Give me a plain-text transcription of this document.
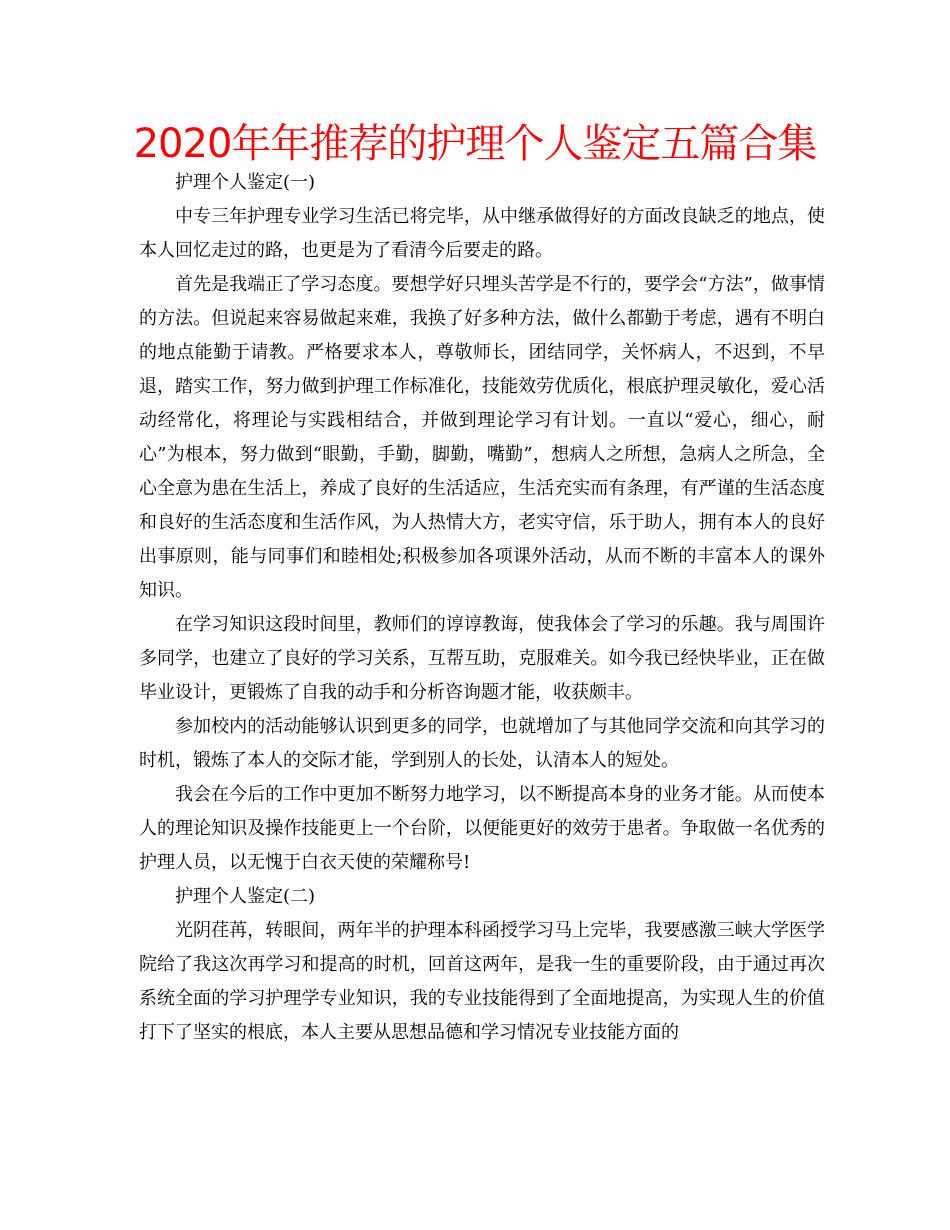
2020年年推荐的护理个人鉴定五篇合集

护理个人鉴定(一)

中专三年护理专业学习生活已将完毕，从中继承做得好的方面改良缺乏的地点，使本人回忆走过的路，也更是为了看清今后要走的路。

首先是我端正了学习态度。要想学好只埋头苦学是不行的，要学会“方法”，做事情的方法。但说起来容易做起来难，我换了好多种方法，做什么都勤于考虑，遇有不明白的地点能勤于请教。严格要求本人，尊敬师长，团结同学，关怀病人，不迟到，不早退，踏实工作，努力做到护理工作标准化，技能效劳优质化，根底护理灵敏化，爱心活动经常化，将理论与实践相结合，并做到理论学习有计划。一直以“爱心，细心，耐心”为根本，努力做到“眼勤，手勤，脚勤，嘴勤”，想病人之所想，急病人之所急，全心全意为患在生活上，养成了良好的生活适应，生活充实而有条理，有严谨的生活态度和良好的生活态度和生活作风，为人热情大方，老实守信，乐于助人，拥有本人的良好出事原则，能与同事们和睦相处;积极参加各项课外活动，从而不断的丰富本人的课外知识。

在学习知识这段时间里，教师们的谆谆教诲，使我体会了学习的乐趣。我与周围许多同学，也建立了良好的学习关系，互帮互助，克服难关。如今我已经快毕业，正在做毕业设计，更锻炼了自我的动手和分析咨询题才能，收获颇丰。

参加校内的活动能够认识到更多的同学，也就增加了与其他同学交流和向其学习的时机，锻炼了本人的交际才能，学到别人的长处，认清本人的短处。

我会在今后的工作中更加不断努力地学习，以不断提高本身的业务才能。从而使本人的理论知识及操作技能更上一个台阶，以便能更好的效劳于患者。争取做一名优秀的护理人员，以无愧于白衣天使的荣耀称号!

护理个人鉴定(二)

光阴荏苒，转眼间，两年半的护理本科函授学习马上完毕，我要感激三峡大学医学院给了我这次再学习和提高的时机，回首这两年，是我一生的重要阶段，由于通过再次系统全面的学习护理学专业知识，我的专业技能得到了全面地提高，为实现人生的价值打下了坚实的根底，本人主要从思想品德和学习情况专业技能方面的
